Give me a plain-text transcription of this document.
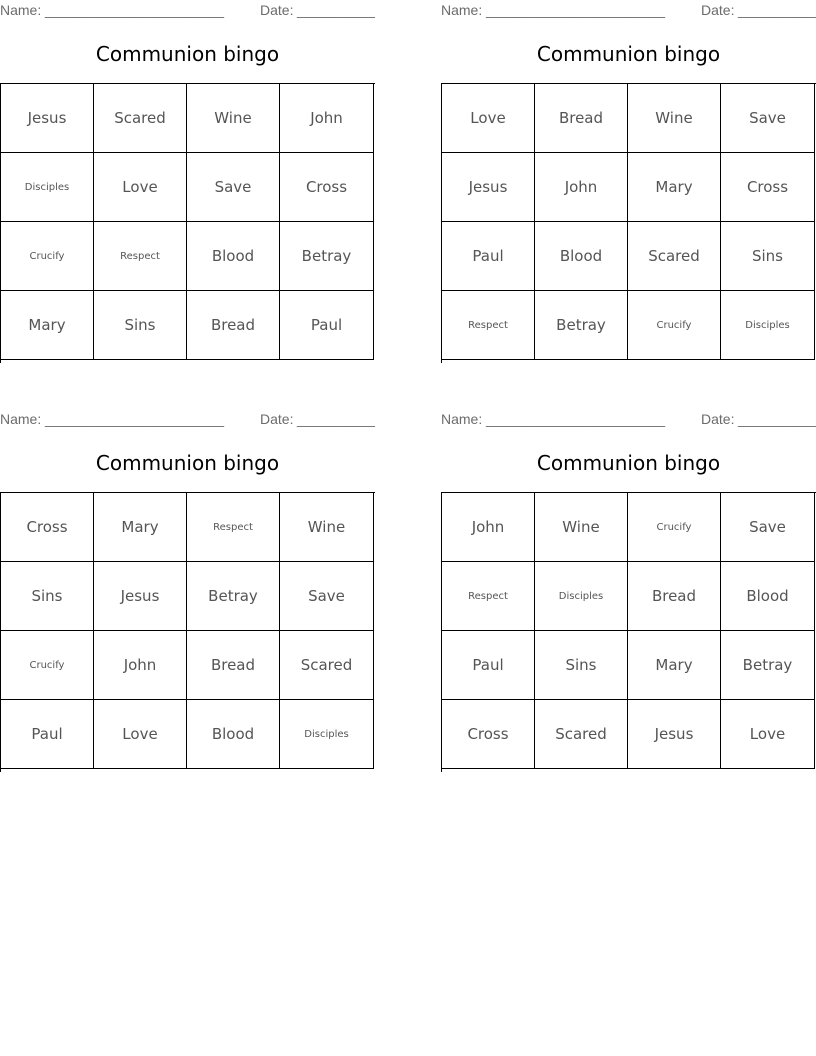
Name: _______________________	Date: __________
Communion bingo
Jesus	Scared	Wine	John
Disciples	Love	Save	Cross
Crucify	Respect	Blood	Betray
Mary	Sins	Bread	Paul
Name: _______________________	Date: __________
Communion bingo
Love	Bread	Wine	Save
Jesus	John	Mary	Cross
Paul	Blood	Scared	Sins
Respect	Betray	Crucify	Disciples
Name: _______________________	Date: __________
Communion bingo
Cross	Mary	Respect	Wine
Sins	Jesus	Betray	Save
Crucify	John	Bread	Scared
Paul	Love	Blood	Disciples
Name: _______________________	Date: __________
Communion bingo
John	Wine	Crucify	Save
Respect	Disciples	Bread	Blood
Paul	Sins	Mary	Betray
Cross	Scared	Jesus	Love
